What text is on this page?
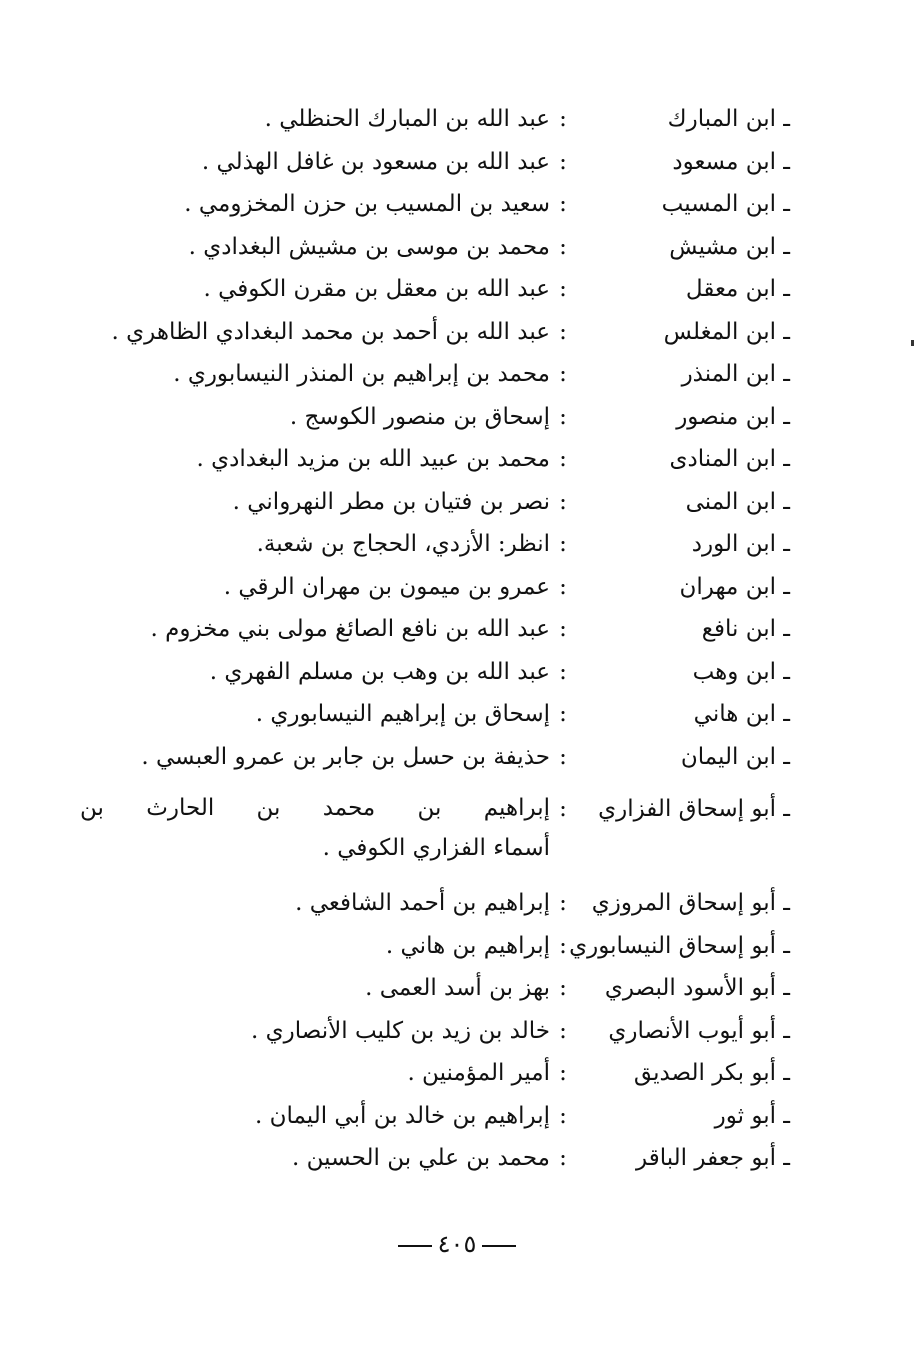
ـ
ابن المبارك
:
عبد الله بن المبارك الحنظلي .
ـ
ابن مسعود
:
عبد الله بن مسعود بن غافل الهذلي .
ـ
ابن المسيب
:
سعيد بن المسيب بن حزن المخزومي .
ـ
ابن مشيش
:
محمد بن موسى بن مشيش البغدادي .
ـ
ابن معقل
:
عبد الله بن معقل بن مقرن الكوفي .
ـ
ابن المغلس
:
عبد الله بن أحمد بن محمد البغدادي الظاهري .
ـ
ابن المنذر
:
محمد بن إبراهيم بن المنذر النيسابوري .
ـ
ابن منصور
:
إسحاق بن منصور الكوسج .
ـ
ابن المنادى
:
محمد بن عبيد الله بن مزيد البغدادي .
ـ
ابن المنى
:
نصر بن فتيان بن مطر النهرواني .
ـ
ابن الورد
:
انظر: الأزدي، الحجاج بن شعبة.
ـ
ابن مهران
:
عمرو بن ميمون بن مهران الرقي .
ـ
ابن نافع
:
عبد الله بن نافع الصائغ مولى بني مخزوم .
ـ
ابن وهب
:
عبد الله بن وهب بن مسلم الفهري .
ـ
ابن هاني
:
إسحاق بن إبراهيم النيسابوري .
ـ
ابن اليمان
:
حذيفة بن حسل بن جابر بن عمرو العبسي .
ـ
أبو إسحاق الفزاري
:
إبراهيم بن محمد بن الحارث بن
أسماء الفزاري الكوفي .
ـ
أبو إسحاق المروزي
:
إبراهيم بن أحمد الشافعي .
ـ
أبو إسحاق النيسابوري
:
إبراهيم بن هاني .
ـ
أبو الأسود البصري
:
بهز بن أسد العمى .
ـ
أبو أيوب الأنصاري
:
خالد بن زيد بن كليب الأنصاري .
ـ
أبو بكر الصديق
:
أمير المؤمنين .
ـ
أبو ثور
:
إبراهيم بن خالد بن أبي اليمان .
ـ
أبو جعفر الباقر
:
محمد بن علي بن الحسين .
٤٠٥
